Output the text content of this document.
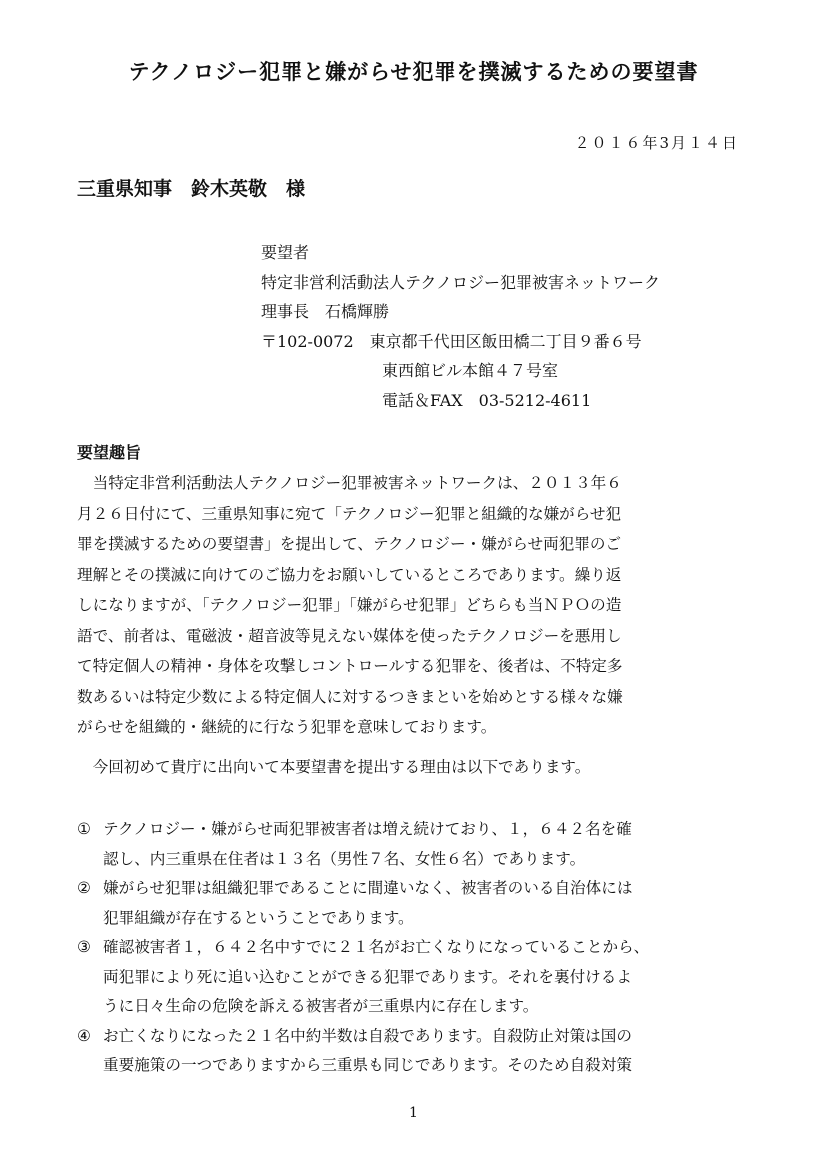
テクノロジー犯罪と嫌がらせ犯罪を撲滅するための要望書
２０１６年3月１４日
三重県知事　鈴木英敬　様
要望者
特定非営利活動法人テクノロジー犯罪被害ネットワーク
理事長　石橋輝勝
〒102-0072　東京都千代田区飯田橋二丁目９番６号
東西館ビル本館４７号室
電話＆FAX　03-5212-4611
要望趣旨
　当特定非営利活動法人テクノロジー犯罪被害ネットワークは、２０１３年６
月２６日付にて、三重県知事に宛て「テクノロジー犯罪と組織的な嫌がらせ犯
罪を撲滅するための要望書」を提出して、テクノロジー・嫌がらせ両犯罪のご
理解とその撲滅に向けてのご協力をお願いしているところであります。繰り返
しになりますが、「テクノロジー犯罪」「嫌がらせ犯罪」どちらも当ＮＰＯの造
語で、前者は、電磁波・超音波等見えない媒体を使ったテクノロジーを悪用し
て特定個人の精神・身体を攻撃しコントロールする犯罪を、後者は、不特定多
数あるいは特定少数による特定個人に対するつきまといを始めとする様々な嫌
がらせを組織的・継続的に行なう犯罪を意味しております。
　今回初めて貴庁に出向いて本要望書を提出する理由は以下であります。
① テクノロジー・嫌がらせ両犯罪被害者は増え続けており、１，６４２名を確
認し、内三重県在住者は１３名（男性７名、女性６名）であります。
② 嫌がらせ犯罪は組織犯罪であることに間違いなく、被害者のいる自治体には
犯罪組織が存在するということであります。
③ 確認被害者１，６４２名中すでに２１名がお亡くなりになっていることから、
両犯罪により死に追い込むことができる犯罪であります。それを裏付けるよ
うに日々生命の危険を訴える被害者が三重県内に存在します。
④ お亡くなりになった２１名中約半数は自殺であります。自殺防止対策は国の
重要施策の一つでありますから三重県も同じであります。そのため自殺対策
1
